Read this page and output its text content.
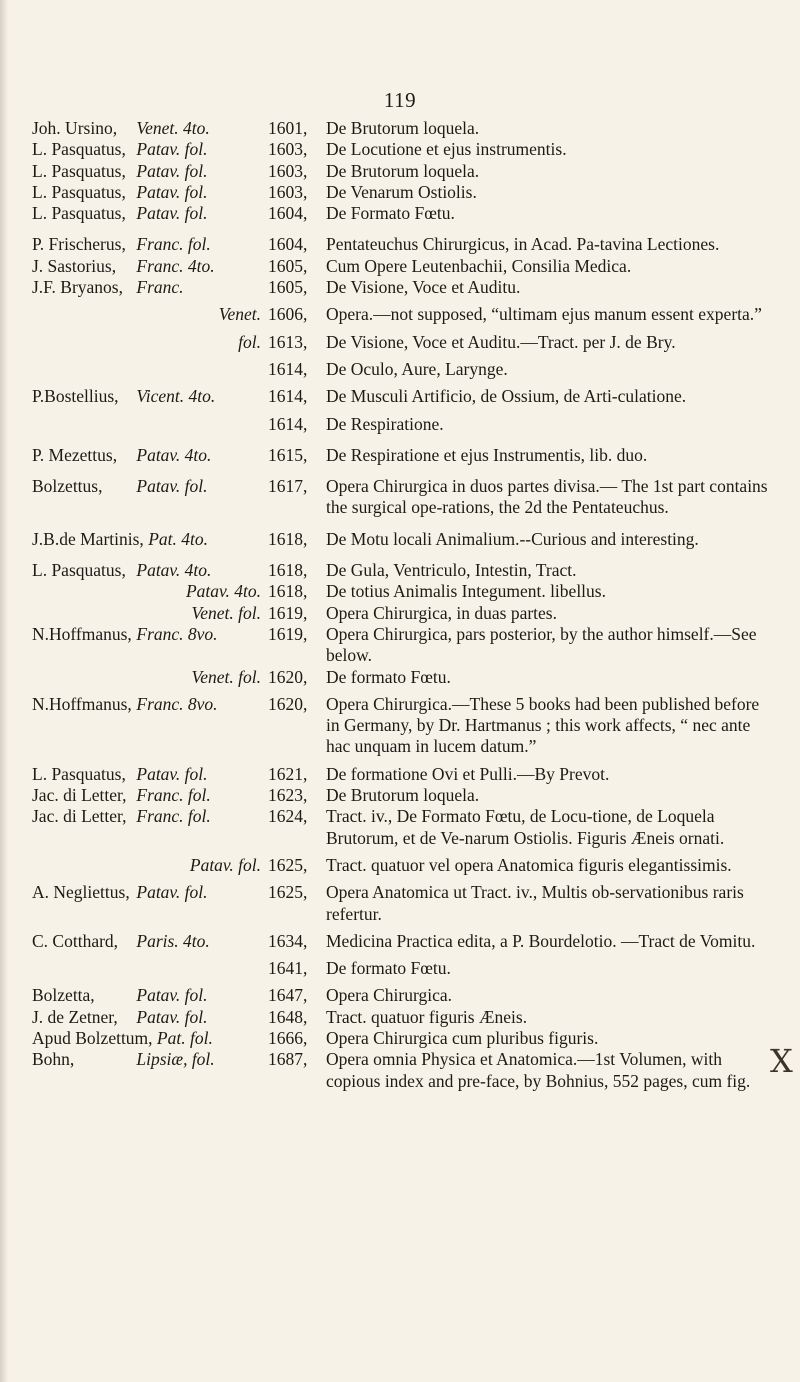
119
Joh. Ursino, Venet. 4to.	1601, De Brutorum loquela.
L. Pasquatus, Patav. fol.	1603, De Locutione et ejus instrumentis.
L. Pasquatus, Patav. fol.	1603, De Brutorum loquela.
L. Pasquatus, Patav. fol.	1603, De Venarum Ostiolis.
L. Pasquatus, Patav. fol.	1604, De Formato Fœtu.
P. Frischerus, Franc. fol.	1604, Pentateuchus Chirurgicus, in Acad. Pa-tavina Lectiones.
J. Sastorius, Franc. 4to.	1605, Cum Opere Leutenbachii, Consilia Medica.
J.F. Bryanos, Franc.	1605, De Visione, Voce et Auditu.
Venet. 1606, Opera.—not supposed, “ultimam ejus manum essent experta.”
fol. 1613, De Visione, Voce et Auditu.—Tract. per J. de Bry.
1614, De Oculo, Aure, Larynge.
P.Bostellius, Vicent. 4to.	1614, De Musculi Artificio, de Ossium, de Arti-culatione.
1614, De Respiratione.
P. Mezettus, Patav. 4to.	1615, De Respiratione et ejus Instrumentis, lib. duo.
Bolzettus, Patav. fol.	1617, Opera Chirurgica in duos partes divisa.— The 1st part contains the surgical ope-rations, the 2d the Pentateuchus.
J.B.de Martinis, Pat. 4to.	1618, De Motu locali Animalium.--Curious and interesting.
L. Pasquatus, Patav. 4to.	1618, De Gula, Ventriculo, Intestin, Tract.
Patav. 4to. 1618, De totius Animalis Integument. libellus.
Venet. fol. 1619, Opera Chirurgica, in duas partes.
N.Hoffmanus, Franc. 8vo.	1619, Opera Chirurgica, pars posterior, by the author himself.—See below.
Venet. fol. 1620, De formato Fœtu.
N.Hoffmanus, Franc. 8vo.	1620, Opera Chirurgica.—These 5 books had been published before in Germany, by Dr. Hartmanus ; this work affects, “ nec ante hac unquam in lucem datum.”
L. Pasquatus, Patav. fol.	1621, De formatione Ovi et Pulli.—By Prevot.
Jac. di Letter, Franc. fol.	1623, De Brutorum loquela.
Jac. di Letter, Franc. fol.	1624, Tract. iv., De Formato Fœtu, de Locu-tione, de Loquela Brutorum, et de Ve-narum Ostiolis. Figuris Æneis ornati.
Patav. fol. 1625, Tract. quatuor vel opera Anatomica figuris elegantissimis.
A. Negliettus, Patav. fol.	1625, Opera Anatomica ut Tract. iv., Multis ob-servationibus raris refertur.
C. Cotthard, Paris. 4to.	1634, Medicina Practica edita, a P. Bourdelotio. —Tract de Vomitu.
1641, De formato Fœtu.
Bolzetta, Patav. fol.	1647, Opera Chirurgica.
J. de Zetner, Patav. fol.	1648, Tract. quatuor figuris Æneis.
Apud Bolzettum, Pat. fol.	1666, Opera Chirurgica cum pluribus figuris.
Bohn,	Lipsiæ, fol.	1687, Opera omnia Physica et Anatomica.—1st Volumen, with copious index and pre-face, by Bohnius, 552 pages, cum fig.
X
